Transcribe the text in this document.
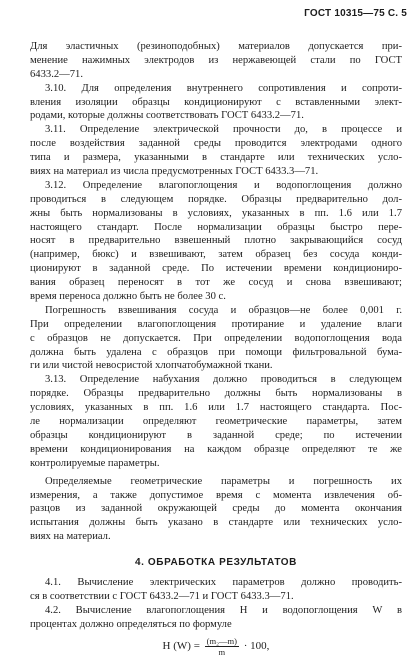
ГОСТ 10315—75 С. 5
Для эластичных (резиноподобных) материалов допускается при-
менение нажимных электродов из нержавеющей стали по ГОСТ
6433.2—71.
3.10. Для определения внутреннего сопротивления и сопроти-
вления изоляции образцы кондиционируют с вставленными элект-
родами, которые должны соответствовать ГОСТ 6433.2—71.
3.11. Определение электрической прочности до, в процессе и
после воздействия заданной среды проводится электродами одного
типа и размера, указанными в стандарте или технических усло-
виях на материал из числа предусмотренных ГОСТ 6433.3—71.
3.12. Определение влагопоглощения и водопоглощения должно
проводиться в следующем порядке. Образцы предварительно дол-
жны быть нормализованы в условиях, указанных в пп. 1.6 или 1.7
настоящего стандарт. После нормализации образцы быстро пере-
носят в предварительно взвешенный плотно закрывающийся сосуд
(например, бюкс) и взвешивают, затем образец без сосуда конди-
ционируют в заданной среде. По истечении времени кондициониро-
вания образец переносят в тот же сосуд и снова взвешивают;
время переноса должно быть не более 30 с.
Погрешность взвешивания сосуда и образцов—не более 0,001 г.
При определении влагопоглощения протирание и удаление влаги
с образцов не допускается. При определении водопоглощения вода
должна быть удалена с образцов при помощи фильтровальной бума-
ги или чистой невосристой хлопчатобумажной ткани.
3.13. Определение набухания должно проводиться в следующем
порядке. Образцы предварительно должны быть нормализованы в
условиях, указанных в пп. 1.6 или 1.7 настоящего стандарта. Пос-
ле нормализации определяют геометрические параметры, затем
образцы кондиционируют в заданной среде; по истечении
времени кондиционирования на каждом образце определяют те же
контролируемые параметры.
Определяемые геометрические параметры и погрешность их
измерения, а также допустимое время с момента извлечения об-
разцов из заданной окружающей среды до момента окончания
испытания должны быть указано в стандарте или технических усло-
виях на материал.
4. ОБРАБОТКА РЕЗУЛЬТАТОВ
4.1. Вычисление электрических параметров должно проводить-
ся в соответствии с ГОСТ 6433.2—71 и ГОСТ 6433.3—71.
4.2. Вычисление влагопоглощения H и водопоглощения W в
процентах должно определяться по формуле
H $(W) = \frac{\text{(m₂—m)}}{m} \cdot 100$,
